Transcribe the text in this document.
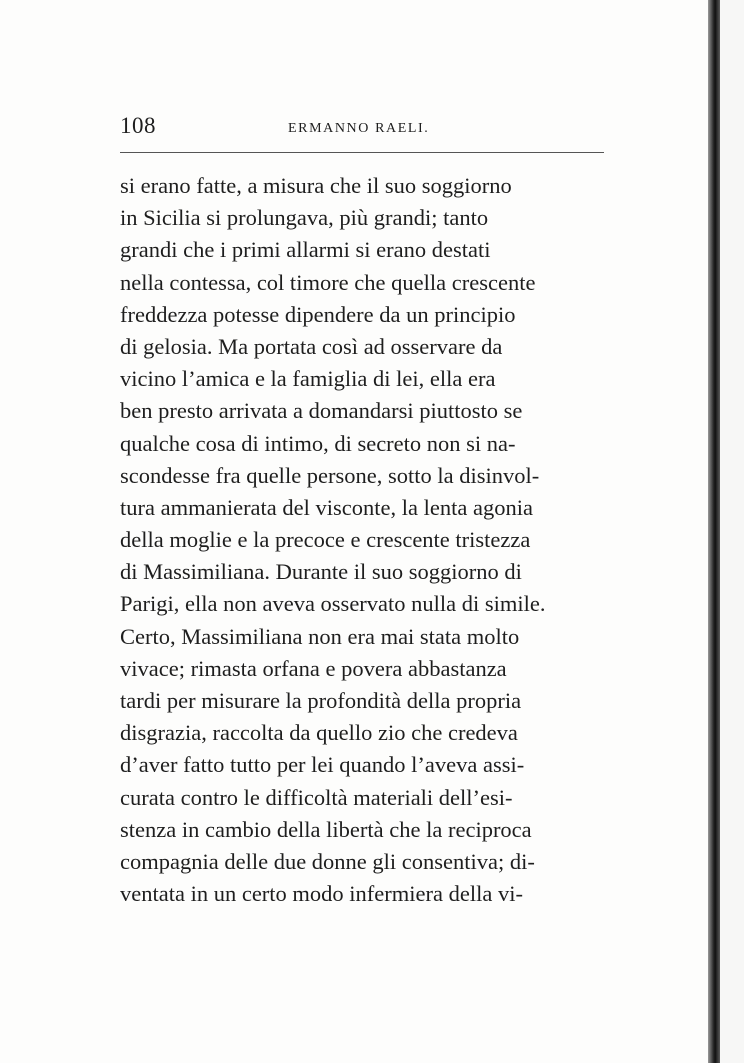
108	ERMANNO RAELI.
si erano fatte, a misura che il suo soggiorno
in Sicilia si prolungava, più grandi; tanto
grandi che i primi allarmi si erano destati
nella contessa, col timore che quella crescente
freddezza potesse dipendere da un principio
di gelosia. Ma portata così ad osservare da
vicino l’amica e la famiglia di lei, ella era
ben presto arrivata a domandarsi piuttosto se
qualche cosa di intimo, di secreto non si na-
scondesse fra quelle persone, sotto la disinvol-
tura ammanierata del visconte, la lenta agonia
della moglie e la precoce e crescente tristezza
di Massimiliana. Durante il suo soggiorno di
Parigi, ella non aveva osservato nulla di simile.
Certo, Massimiliana non era mai stata molto
vivace; rimasta orfana e povera abbastanza
tardi per misurare la profondità della propria
disgrazia, raccolta da quello zio che credeva
d’aver fatto tutto per lei quando l’aveva assi-
curata contro le difficoltà materiali dell’esi-
stenza in cambio della libertà che la reciproca
compagnia delle due donne gli consentiva; di-
ventata in un certo modo infermiera della vi-
